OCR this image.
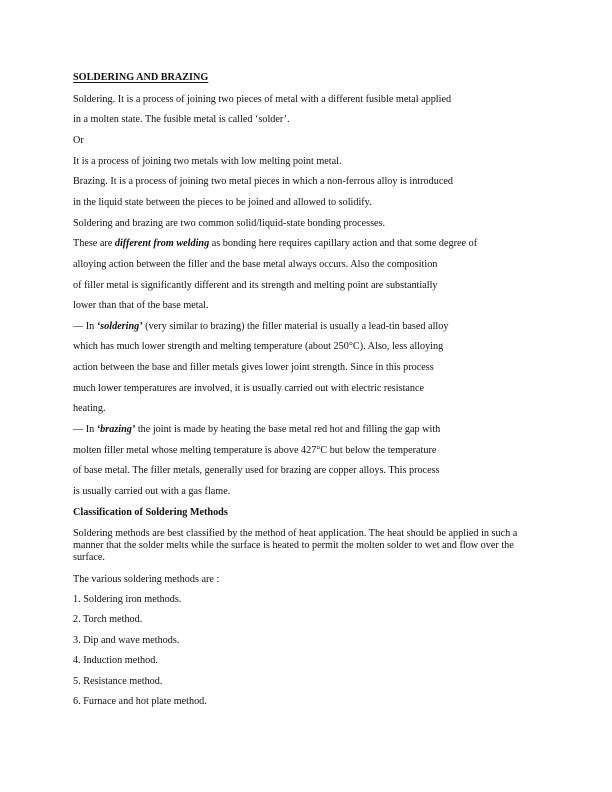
SOLDERING AND BRAZING
Soldering. It is a process of joining two pieces of metal with a different fusible metal applied
in a molten state. The fusible metal is called ‘solder’.
Or
It is a process of joining two metals with low melting point metal.
Brazing. It is a process of joining two metal pieces in which a non-ferrous alloy is introduced
in the liquid state between the pieces to be joined and allowed to solidify.
Soldering and brazing are two common solid/liquid-state bonding processes.
These are different from welding as bonding here requires capillary action and that some degree of
alloying action between the filler and the base metal always occurs. Also the composition
of filler metal is significantly different and its strength and melting point are substantially
lower than that of the base metal.
— In ‘soldering’ (very similar to brazing) the filler material is usually a lead-tin based alloy
which has much lower strength and melting temperature (about 250°C). Also, less alloying
action between the base and filler metals gives lower joint strength. Since in this process
much lower temperatures are involved, it is usually carried out with electric resistance
heating.
— In ‘brazing’ the joint is made by heating the base metal red hot and filling the gap with
molten filler metal whose melting temperature is above 427°C but below the temperature
of base metal. The filler metals, generally used for brazing are copper alloys. This process
is usually carried out with a gas flame.
Classification of Soldering Methods
Soldering methods are best classified by the method of heat application. The heat should be applied in such a manner that the solder melts while the surface is heated to permit the molten solder to wet and flow over the surface.
The various soldering methods are :
1. Soldering iron methods.
2. Torch method.
3. Dip and wave methods.
4. Induction method.
5. Resistance method.
6. Furnace and hot plate method.
